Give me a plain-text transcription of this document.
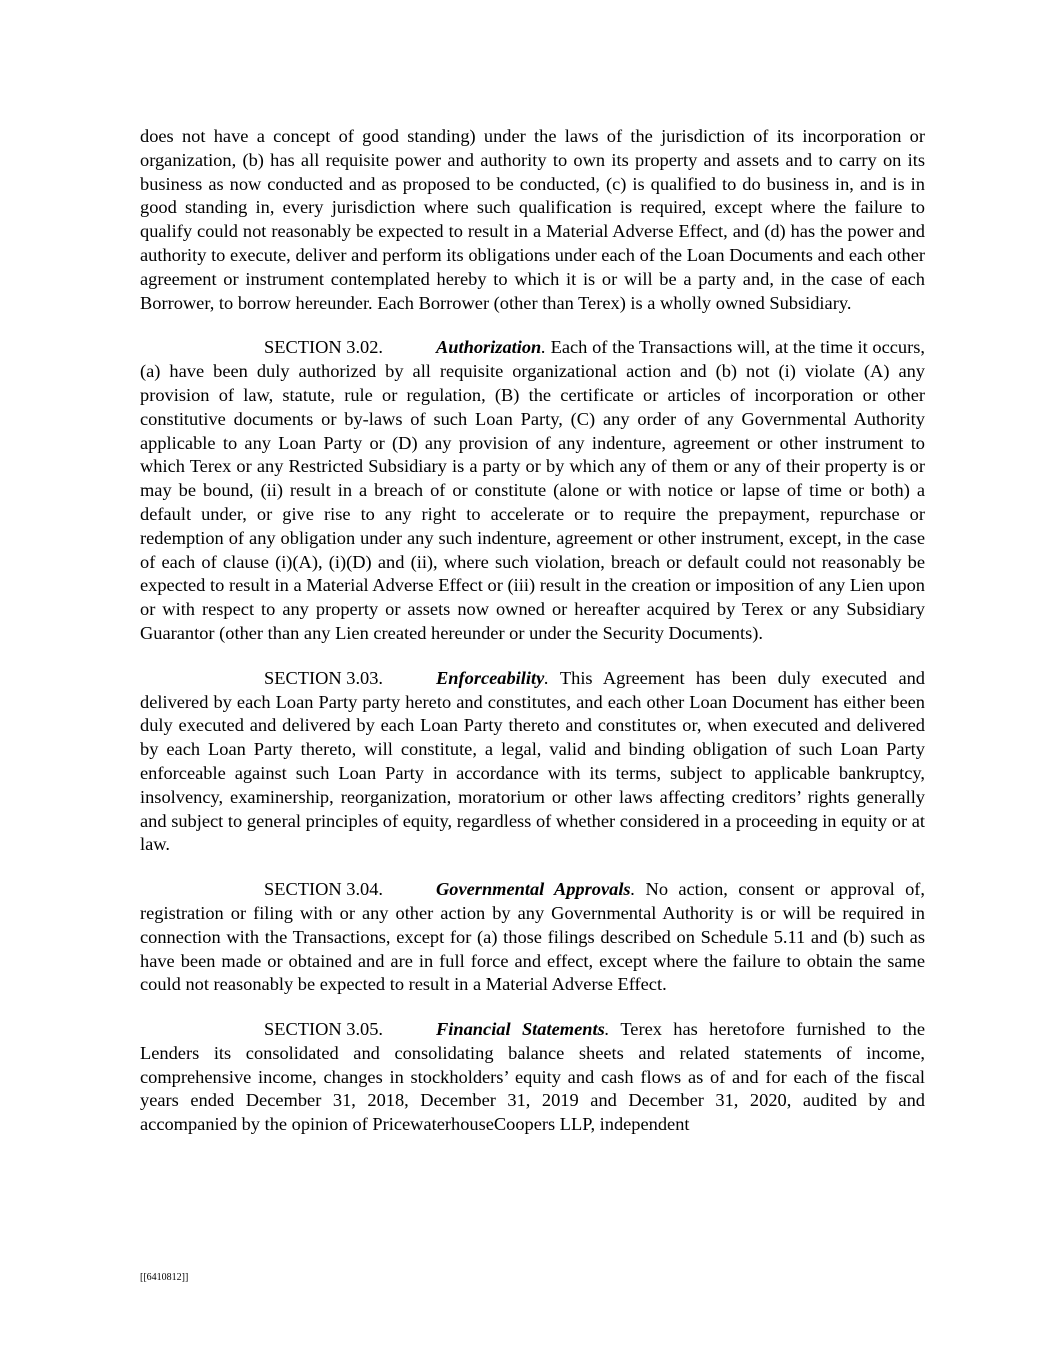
does not have a concept of good standing) under the laws of the jurisdiction of its incorporation or organization, (b) has all requisite power and authority to own its property and assets and to carry on its business as now conducted and as proposed to be conducted, (c) is qualified to do business in, and is in good standing in, every jurisdiction where such qualification is required, except where the failure to qualify could not reasonably be expected to result in a Material Adverse Effect, and (d) has the power and authority to execute, deliver and perform its obligations under each of the Loan Documents and each other agreement or instrument contemplated hereby to which it is or will be a party and, in the case of each Borrower, to borrow hereunder. Each Borrower (other than Terex) is a wholly owned Subsidiary.

SECTION 3.02.	Authorization. Each of the Transactions will, at the time it occurs, (a) have been duly authorized by all requisite organizational action and (b) not (i) violate (A) any provision of law, statute, rule or regulation, (B) the certificate or articles of incorporation or other constitutive documents or by-laws of such Loan Party, (C) any order of any Governmental Authority applicable to any Loan Party or (D) any provision of any indenture, agreement or other instrument to which Terex or any Restricted Subsidiary is a party or by which any of them or any of their property is or may be bound, (ii) result in a breach of or constitute (alone or with notice or lapse of time or both) a default under, or give rise to any right to accelerate or to require the prepayment, repurchase or redemption of any obligation under any such indenture, agreement or other instrument, except, in the case of each of clause (i)(A), (i)(D) and (ii), where such violation, breach or default could not reasonably be expected to result in a Material Adverse Effect or (iii) result in the creation or imposition of any Lien upon or with respect to any property or assets now owned or hereafter acquired by Terex or any Subsidiary Guarantor (other than any Lien created hereunder or under the Security Documents).

SECTION 3.03.	Enforceability. This Agreement has been duly executed and delivered by each Loan Party party hereto and constitutes, and each other Loan Document has either been duly executed and delivered by each Loan Party thereto and constitutes or, when executed and delivered by each Loan Party thereto, will constitute, a legal, valid and binding obligation of such Loan Party enforceable against such Loan Party in accordance with its terms, subject to applicable bankruptcy, insolvency, examinership, reorganization, moratorium or other laws affecting creditors’ rights generally and subject to general principles of equity, regardless of whether considered in a proceeding in equity or at law.

SECTION 3.04.	Governmental Approvals. No action, consent or approval of, registration or filing with or any other action by any Governmental Authority is or will be required in connection with the Transactions, except for (a) those filings described on Schedule 5.11 and (b) such as have been made or obtained and are in full force and effect, except where the failure to obtain the same could not reasonably be expected to result in a Material Adverse Effect.

SECTION 3.05.	Financial Statements. Terex has heretofore furnished to the Lenders its consolidated and consolidating balance sheets and related statements of income, comprehensive income, changes in stockholders’ equity and cash flows as of and for each of the fiscal years ended December 31, 2018, December 31, 2019 and December 31, 2020, audited by and accompanied by the opinion of PricewaterhouseCoopers LLP, independent

[[6410812]]
